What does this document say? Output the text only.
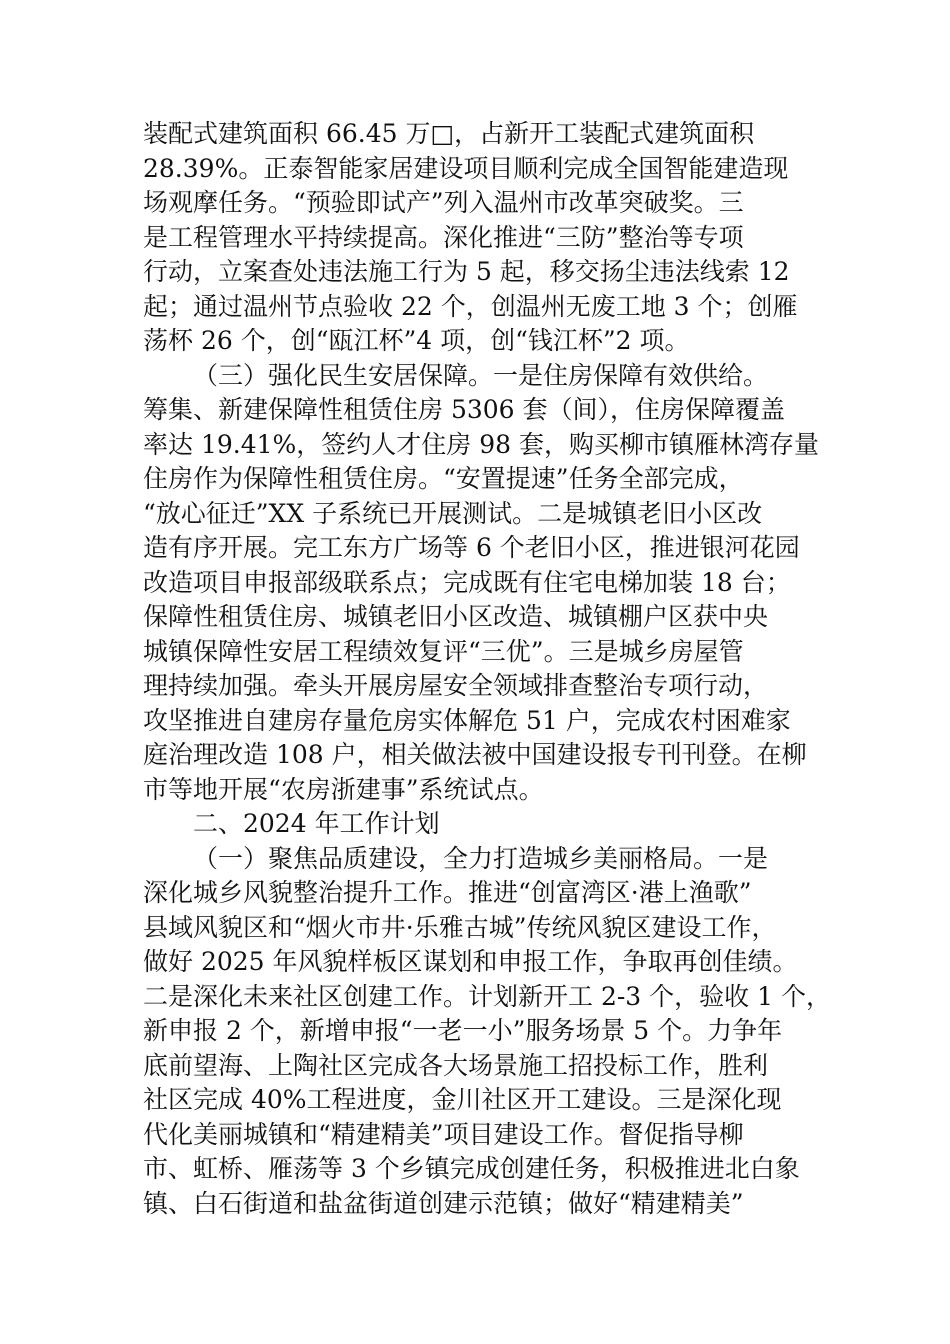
装配式建筑面积 66.45 万□，占新开工装配式建筑面积
28.39%。正泰智能家居建设项目顺利完成全国智能建造现
场观摩任务。“预验即试产”列入温州市改革突破奖。三
是工程管理水平持续提高。深化推进“三防”整治等专项
行动，立案查处违法施工行为 5 起，移交扬尘违法线索 12
起；通过温州节点验收 22 个，创温州无废工地 3 个；创雁
荡杯 26 个，创“瓯江杯”4 项，创“钱江杯”2 项。
（三）强化民生安居保障。一是住房保障有效供给。
筹集、新建保障性租赁住房 5306 套（间），住房保障覆盖
率达 19.41%，签约人才住房 98 套，购买柳市镇雁林湾存量
住房作为保障性租赁住房。“安置提速”任务全部完成，
“放心征迁”XX 子系统已开展测试。二是城镇老旧小区改
造有序开展。完工东方广场等 6 个老旧小区，推进银河花园
改造项目申报部级联系点；完成既有住宅电梯加装 18 台；
保障性租赁住房、城镇老旧小区改造、城镇棚户区获中央
城镇保障性安居工程绩效复评“三优”。三是城乡房屋管
理持续加强。牵头开展房屋安全领域排查整治专项行动，
攻坚推进自建房存量危房实体解危 51 户，完成农村困难家
庭治理改造 108 户，相关做法被中国建设报专刊刊登。在柳
市等地开展“农房浙建事”系统试点。
二、2024 年工作计划
（一）聚焦品质建设，全力打造城乡美丽格局。一是
深化城乡风貌整治提升工作。推进“创富湾区·港上渔歌”
县域风貌区和“烟火市井·乐雅古城”传统风貌区建设工作，
做好 2025 年风貌样板区谋划和申报工作，争取再创佳绩。
二是深化未来社区创建工作。计划新开工 2-3 个，验收 1 个，
新申报 2 个，新增申报“一老一小”服务场景 5 个。力争年
底前望海、上陶社区完成各大场景施工招投标工作，胜利
社区完成 40%工程进度，金川社区开工建设。三是深化现
代化美丽城镇和“精建精美”项目建设工作。督促指导柳
市、虹桥、雁荡等 3 个乡镇完成创建任务，积极推进北白象
镇、白石街道和盐盆街道创建示范镇；做好“精建精美”
